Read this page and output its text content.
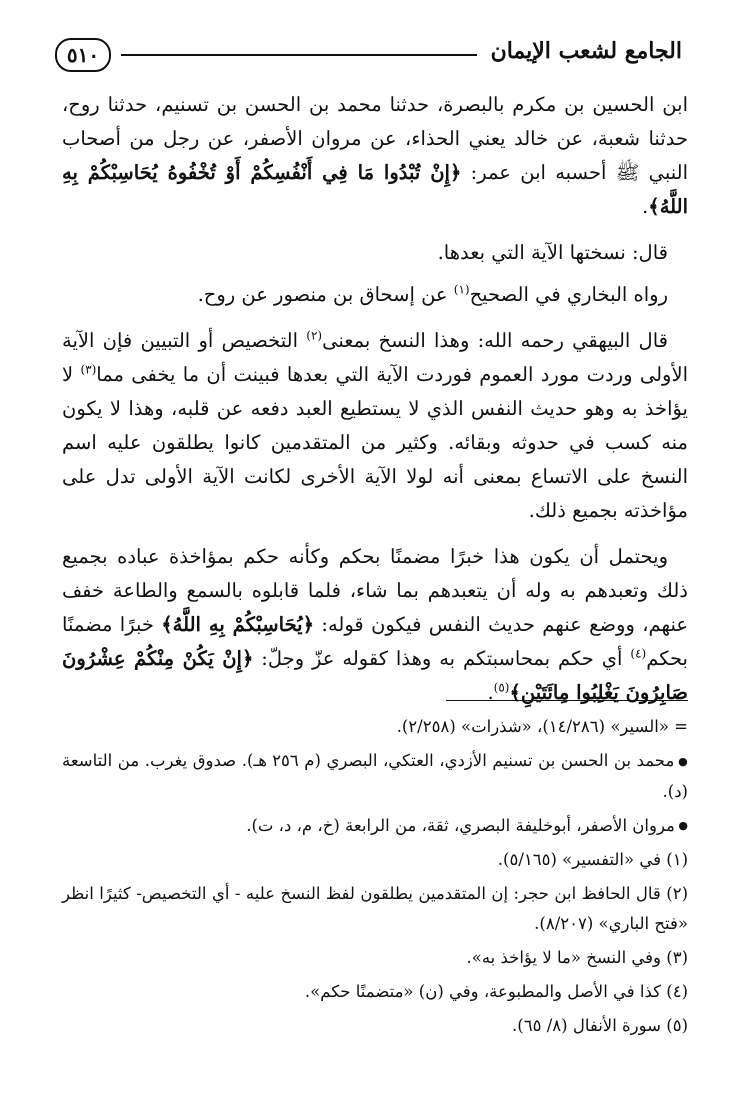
الجامع لشعب الإيمان
٥١٠

ابن الحسين بن مكرم بالبصرة، حدثنا محمد بن الحسن بن تسنيم، حدثنا روح، حدثنا شعبة، عن خالد يعني الحذاء، عن مروان الأصفر، عن رجل من أصحاب النبي ﷺ أحسبه ابن عمر: ﴿إِنْ تُبْدُوا مَا فِي أَنْفُسِكُمْ أَوْ تُخْفُوهُ يُحَاسِبْكُمْ بِهِ اللَّهُ﴾.

قال: نسختها الآية التي بعدها.

رواه البخاري في الصحيح$^{(١)}$ عن إسحاق بن منصور عن روح.

قال البيهقي رحمه الله: وهذا النسخ بمعنى$^{(٢)}$ التخصيص أو التبيين فإن الآية الأولى وردت مورد العموم فوردت الآية التي بعدها فبينت أن ما يخفى مما$^{(٣)}$ لا يؤاخذ به وهو حديث النفس الذي لا يستطيع العبد دفعه عن قلبه، وهذا لا يكون منه كسب في حدوثه وبقائه. وكثير من المتقدمين كانوا يطلقون عليه اسم النسخ على الاتساع بمعنى أنه لولا الآية الأخرى لكانت الآية الأولى تدل على مؤاخذته بجميع ذلك.

ويحتمل أن يكون هذا خبرًا مضمنًا بحكم وكأنه حكم بمؤاخذة عباده بجميع ذلك وتعبدهم به وله أن يتعبدهم بما شاء، فلما قابلوه بالسمع والطاعة خفف عنهم، ووضع عنهم حديث النفس فيكون قوله: ﴿يُحَاسِبْكُمْ بِهِ اللَّهُ﴾ خبرًا مضمنًا بحكم$^{(٤)}$ أي حكم بمحاسبتكم به وهذا كقوله عزّ وجلّ: ﴿إِنْ يَكُنْ مِنْكُمْ عِشْرُونَ صَابِرُونَ يَغْلِبُوا مِائَتَيْنِ﴾$^{(٥)}$.

= «السير» (١٤/٢٨٦)، «شذرات» (٢/٢٥٨).
● محمد بن الحسن بن تسنيم الأزدي، العتكي، البصري (م ٢٥٦ هـ). صدوق يغرب. من التاسعة (د).
● مروان الأصفر، أبوخليفة البصري، ثقة، من الرابعة (خ، م، د، ت).
(١) في «التفسير» (٥/١٦٥).
(٢) قال الحافظ ابن حجر: إن المتقدمين يطلقون لفظ النسخ عليه - أي التخصيص- كثيرًا انظر «فتح الباري» (٨/٢٠٧).
(٣) وفي النسخ «ما لا يؤاخذ به».
(٤) كذا في الأصل والمطبوعة، وفي (ن) «متضمنًا حكم».
(٥) سورة الأنفال (٨/ ٦٥).
